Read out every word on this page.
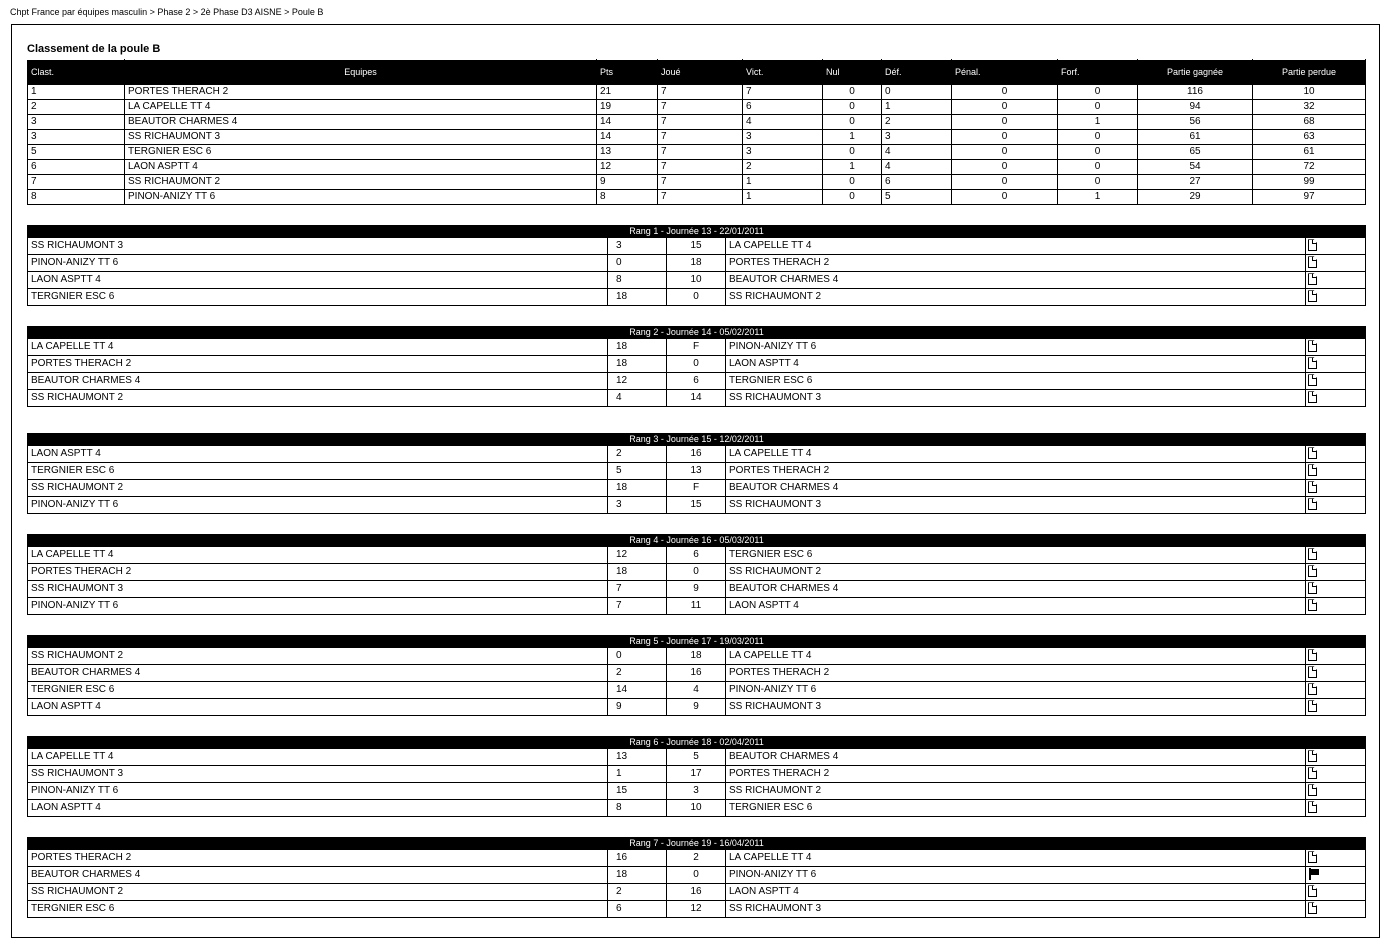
Chpt France par équipes masculin > Phase 2 > 2è Phase D3 AISNE > Poule B
Classement de la poule B
Clast.	Equipes	Pts	Joué	Vict.	Nul	Déf.	Pénal.	Forf.	Partie gagnée	Partie perdue
1	PORTES THERACH 2	21	7	7	0	0	0	0	116	10
2	LA CAPELLE TT 4	19	7	6	0	1	0	0	94	32
3	BEAUTOR CHARMES 4	14	7	4	0	2	0	1	56	68
3	SS RICHAUMONT 3	14	7	3	1	3	0	0	61	63
5	TERGNIER ESC 6	13	7	3	0	4	0	0	65	61
6	LAON ASPTT 4	12	7	2	1	4	0	0	54	72
7	SS RICHAUMONT 2	9	7	1	0	6	0	0	27	99
8	PINON-ANIZY TT 6	8	7	1	0	5	0	1	29	97
Rang 1 - Journée 13 - 22/01/2011				
SS RICHAUMONT 3	3	15	LA CAPELLE TT 4	
PINON-ANIZY TT 6	0	18	PORTES THERACH 2	
LAON ASPTT 4	8	10	BEAUTOR CHARMES 4	
TERGNIER ESC 6	18	0	SS RICHAUMONT 2	
Rang 2 - Journée 14 - 05/02/2011				
LA CAPELLE TT 4	18	F	PINON-ANIZY TT 6	
PORTES THERACH 2	18	0	LAON ASPTT 4	
BEAUTOR CHARMES 4	12	6	TERGNIER ESC 6	
SS RICHAUMONT 2	4	14	SS RICHAUMONT 3	
Rang 3 - Journée 15 - 12/02/2011				
LAON ASPTT 4	2	16	LA CAPELLE TT 4	
TERGNIER ESC 6	5	13	PORTES THERACH 2	
SS RICHAUMONT 2	18	F	BEAUTOR CHARMES 4	
PINON-ANIZY TT 6	3	15	SS RICHAUMONT 3	
Rang 4 - Journée 16 - 05/03/2011				
LA CAPELLE TT 4	12	6	TERGNIER ESC 6	
PORTES THERACH 2	18	0	SS RICHAUMONT 2	
SS RICHAUMONT 3	7	9	BEAUTOR CHARMES 4	
PINON-ANIZY TT 6	7	11	LAON ASPTT 4	
Rang 5 - Journée 17 - 19/03/2011				
SS RICHAUMONT 2	0	18	LA CAPELLE TT 4	
BEAUTOR CHARMES 4	2	16	PORTES THERACH 2	
TERGNIER ESC 6	14	4	PINON-ANIZY TT 6	
LAON ASPTT 4	9	9	SS RICHAUMONT 3	
Rang 6 - Journée 18 - 02/04/2011				
LA CAPELLE TT 4	13	5	BEAUTOR CHARMES 4	
SS RICHAUMONT 3	1	17	PORTES THERACH 2	
PINON-ANIZY TT 6	15	3	SS RICHAUMONT 2	
LAON ASPTT 4	8	10	TERGNIER ESC 6	
Rang 7 - Journée 19 - 16/04/2011				
PORTES THERACH 2	16	2	LA CAPELLE TT 4	
BEAUTOR CHARMES 4	18	0	PINON-ANIZY TT 6	
SS RICHAUMONT 2	2	16	LAON ASPTT 4	
TERGNIER ESC 6	6	12	SS RICHAUMONT 3	
